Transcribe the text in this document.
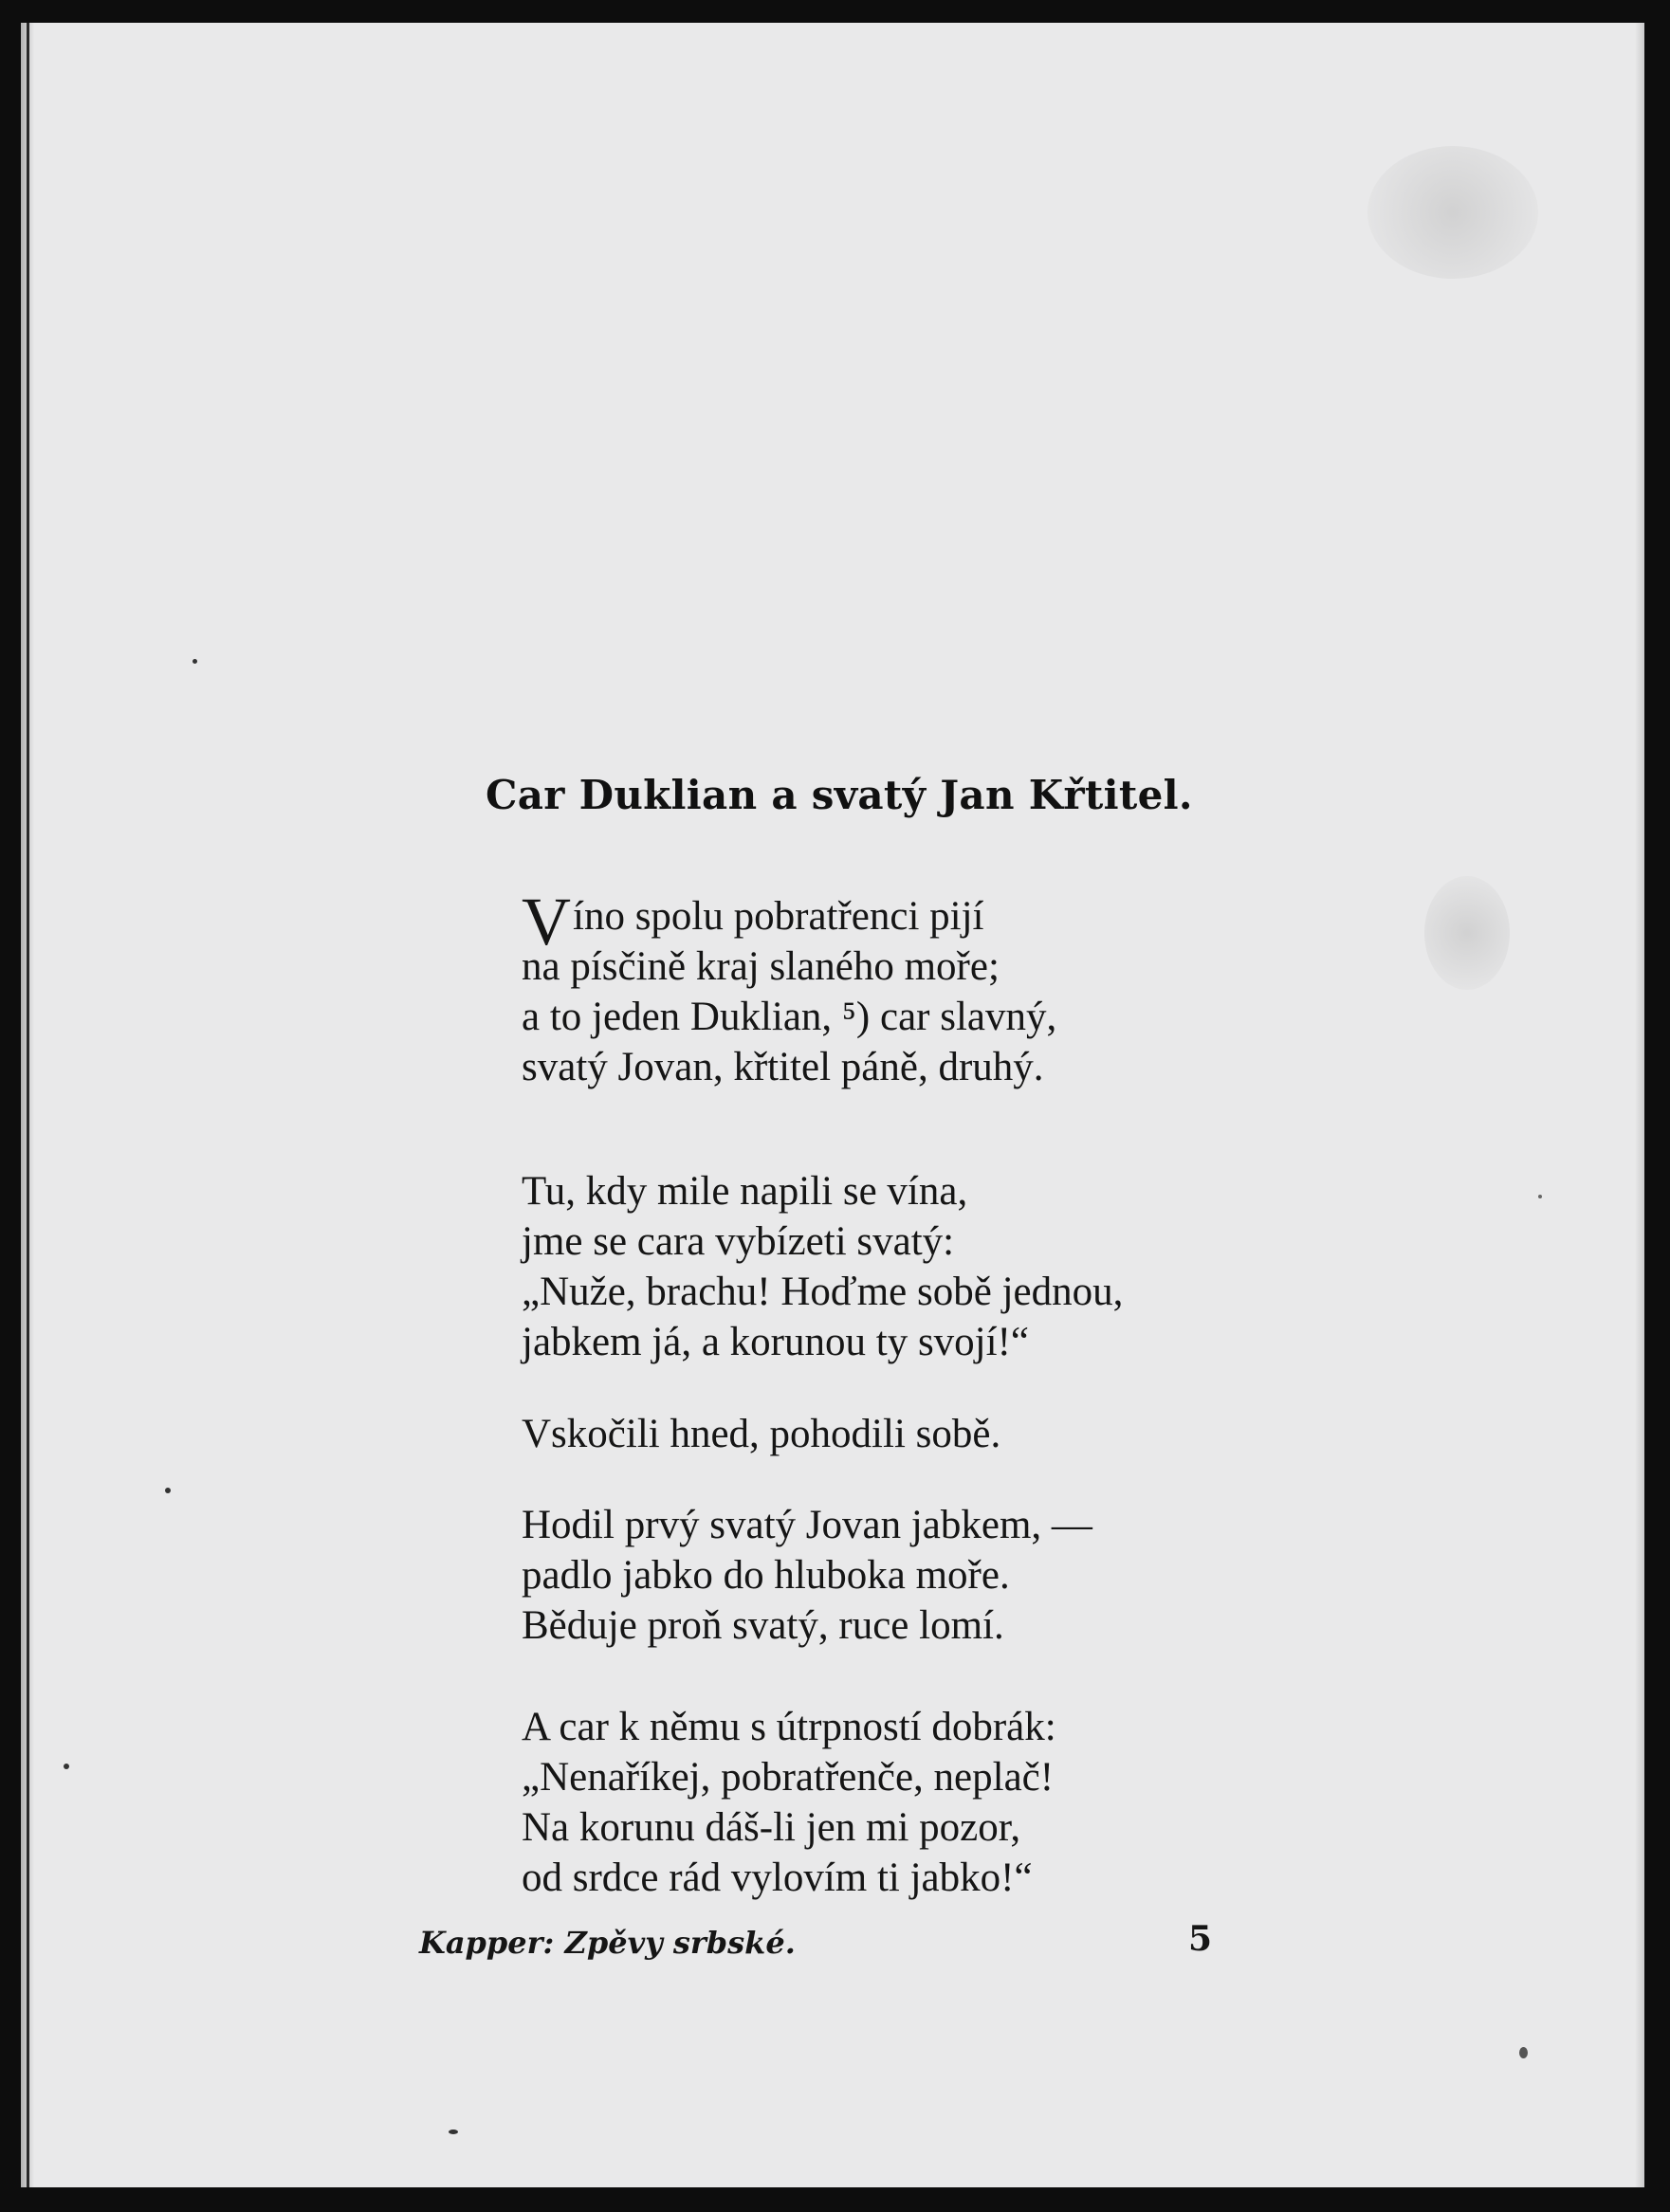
Car Duklian a svatý Jan Křtitel.
Víno spolu pobratřenci pijí
na písčině kraj slaného moře;
a to jeden Duklian, ⁵) car slavný,
svatý Jovan, křtitel páně, druhý.
Tu, kdy mile napili se vína,
jme se cara vybízeti svatý:
„Nuže, brachu! Hoďme sobě jednou,
jabkem já, a korunou ty svojí!“
Vskočili hned, pohodili sobě.
Hodil prvý svatý Jovan jabkem, —
padlo jabko do hluboka moře.
Běduje proň svatý, ruce lomí.
A car k němu s útrpností dobrák:
„Nenaříkej, pobratřenče, neplač!
Na korunu dáš-li jen mi pozor,
od srdce rád vylovím ti jabko!“
Kapper: Zpěvy srbské.	5
